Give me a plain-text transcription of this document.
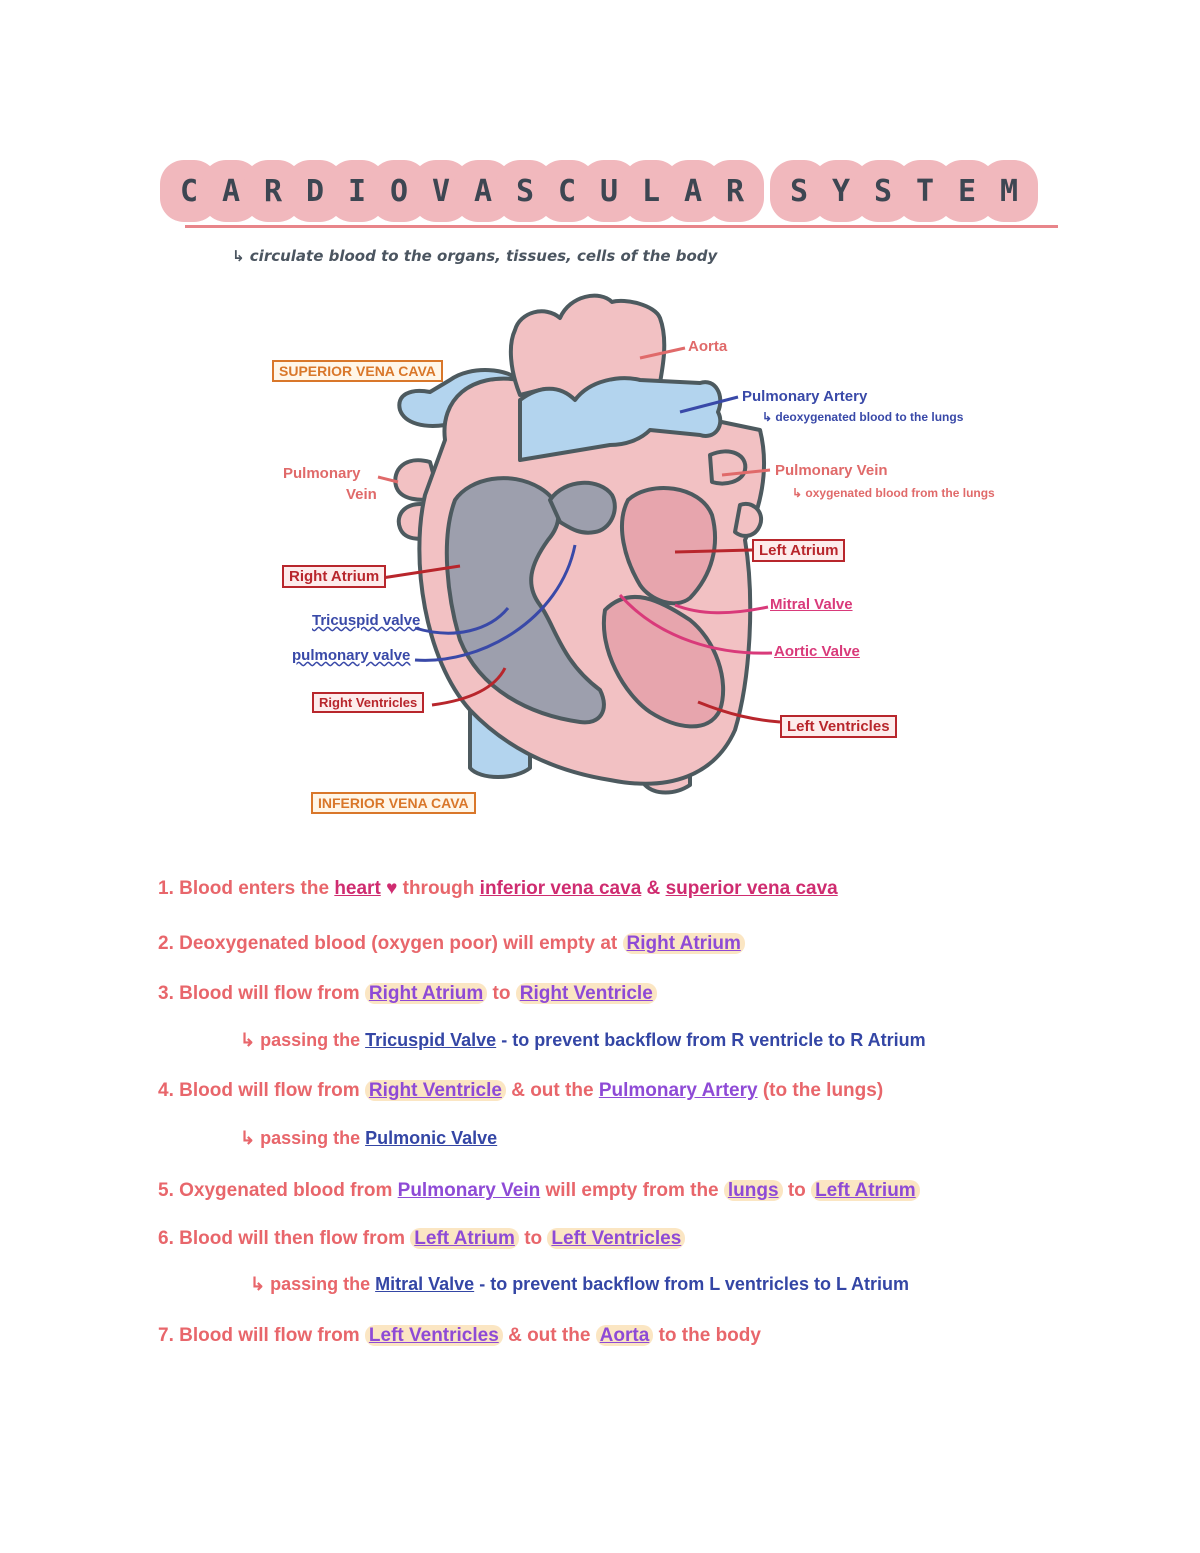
C A R D I O V A S C U L A R	S Y S T E M
↳ circulate blood to the organs, tissues, cells of the body
SUPERIOR VENA CAVA
INFERIOR VENA CAVA
Aorta
Pulmonary Artery
↳ deoxygenated blood to the lungs
Pulmonary Vein
↳ oxygenated blood from the lungs
Pulmonary
Vein
Right Atrium
Left Atrium
Tricuspid valve
pulmonary valve
Mitral Valve
Aortic Valve
Right Ventricles
Left Ventricles
1. Blood enters the heart ♥ through inferior vena cava & superior vena cava
2. Deoxygenated blood (oxygen poor) will empty at Right Atrium
3. Blood will flow from Right Atrium to Right Ventricle
↳ passing the Tricuspid Valve - to prevent backflow from R ventricle to R Atrium
4. Blood will flow from Right Ventricle & out the Pulmonary Artery (to the lungs)
↳ passing the Pulmonic Valve
5. Oxygenated blood from Pulmonary Vein will empty from the lungs to Left Atrium
6. Blood will then flow from Left Atrium to Left Ventricles
↳ passing the Mitral Valve - to prevent backflow from L ventricles to L Atrium
7. Blood will flow from Left Ventricles & out the Aorta to the body
